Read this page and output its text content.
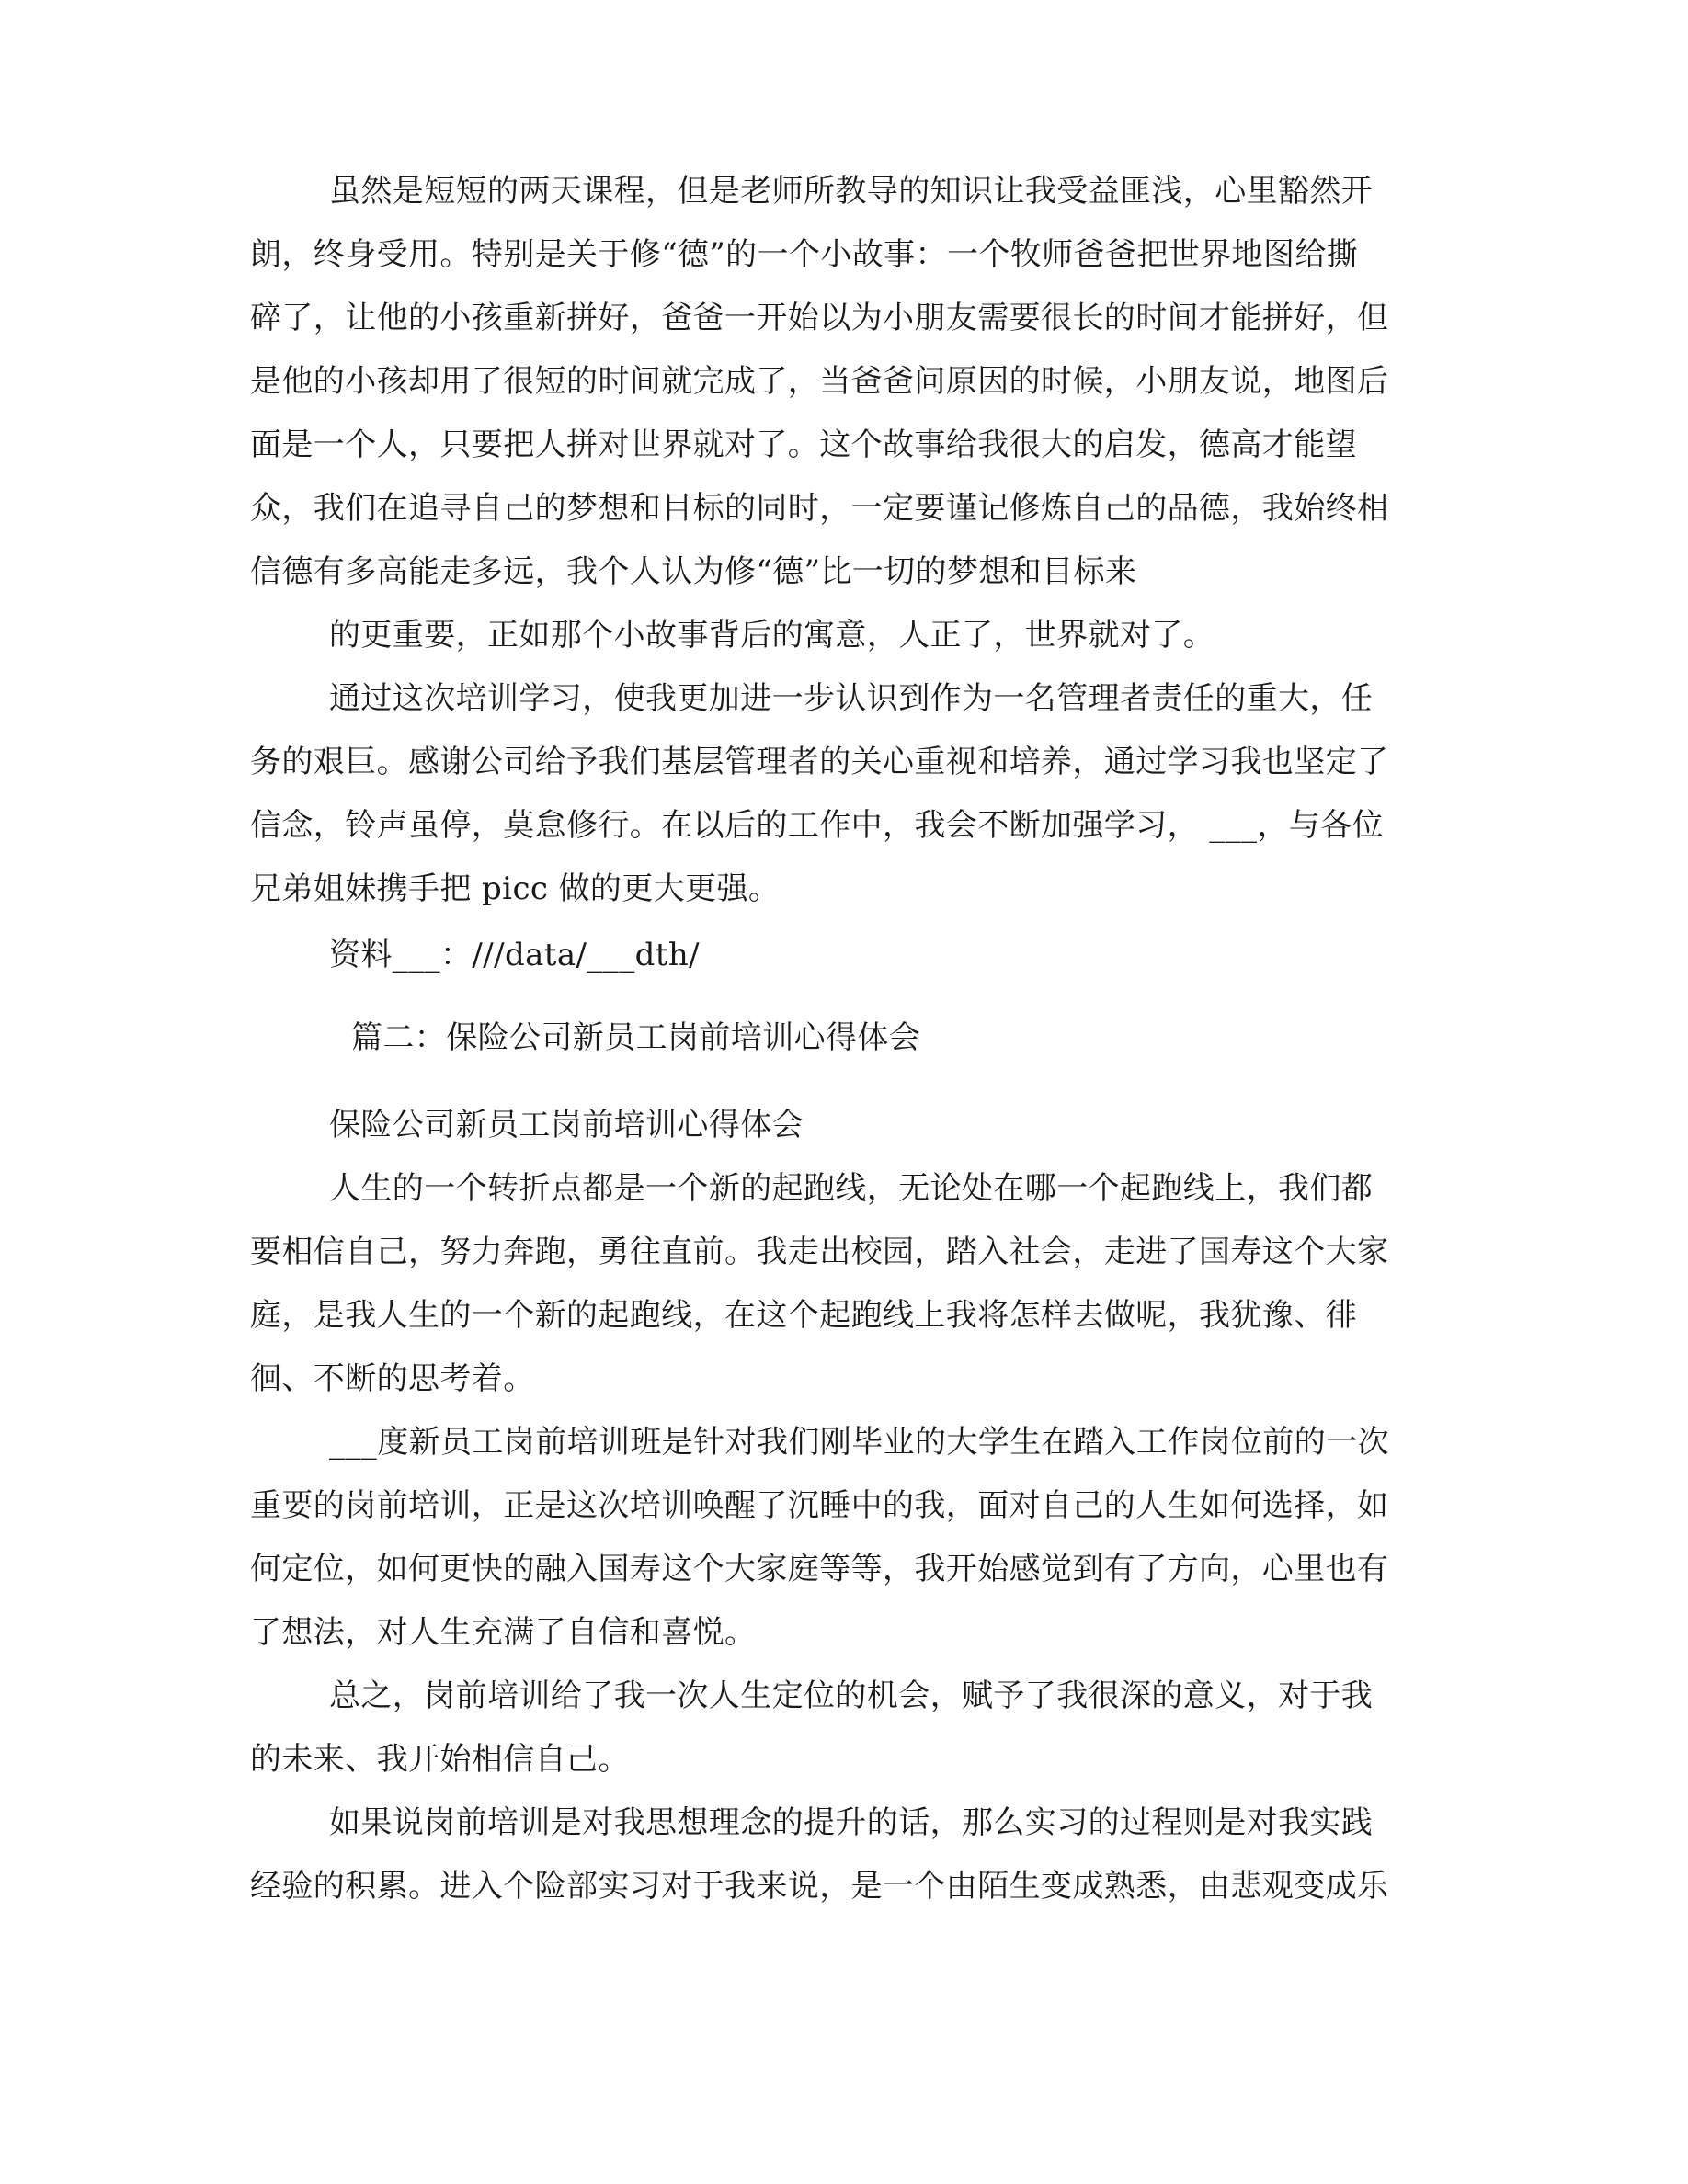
虽然是短短的两天课程，但是老师所教导的知识让我受益匪浅，心里豁然开
朗，终身受用。特别是关于修“德”的一个小故事：一个牧师爸爸把世界地图给撕
碎了，让他的小孩重新拼好，爸爸一开始以为小朋友需要很长的时间才能拼好，但
是他的小孩却用了很短的时间就完成了，当爸爸问原因的时候，小朋友说，地图后
面是一个人，只要把人拼对世界就对了。这个故事给我很大的启发，德高才能望
众，我们在追寻自己的梦想和目标的同时，一定要谨记修炼自己的品德，我始终相
信德有多高能走多远，我个人认为修“德”比一切的梦想和目标来
的更重要，正如那个小故事背后的寓意，人正了，世界就对了。
通过这次培训学习，使我更加进一步认识到作为一名管理者责任的重大，任
务的艰巨。感谢公司给予我们基层管理者的关心重视和培养，通过学习我也坚定了
信念，铃声虽停，莫怠修行。在以后的工作中，我会不断加强学习， ___，与各位
兄弟姐妹携手把 picc 做的更大更强。
资料___：///data/___dth/
篇二：保险公司新员工岗前培训心得体会
保险公司新员工岗前培训心得体会
人生的一个转折点都是一个新的起跑线，无论处在哪一个起跑线上，我们都
要相信自己，努力奔跑，勇往直前。我走出校园，踏入社会，走进了国寿这个大家
庭，是我人生的一个新的起跑线，在这个起跑线上我将怎样去做呢，我犹豫、徘
徊、不断的思考着。
___度新员工岗前培训班是针对我们刚毕业的大学生在踏入工作岗位前的一次
重要的岗前培训，正是这次培训唤醒了沉睡中的我，面对自己的人生如何选择，如
何定位，如何更快的融入国寿这个大家庭等等，我开始感觉到有了方向，心里也有
了想法，对人生充满了自信和喜悦。
总之，岗前培训给了我一次人生定位的机会，赋予了我很深的意义，对于我
的未来、我开始相信自己。
如果说岗前培训是对我思想理念的提升的话，那么实习的过程则是对我实践
经验的积累。进入个险部实习对于我来说，是一个由陌生变成熟悉，由悲观变成乐
